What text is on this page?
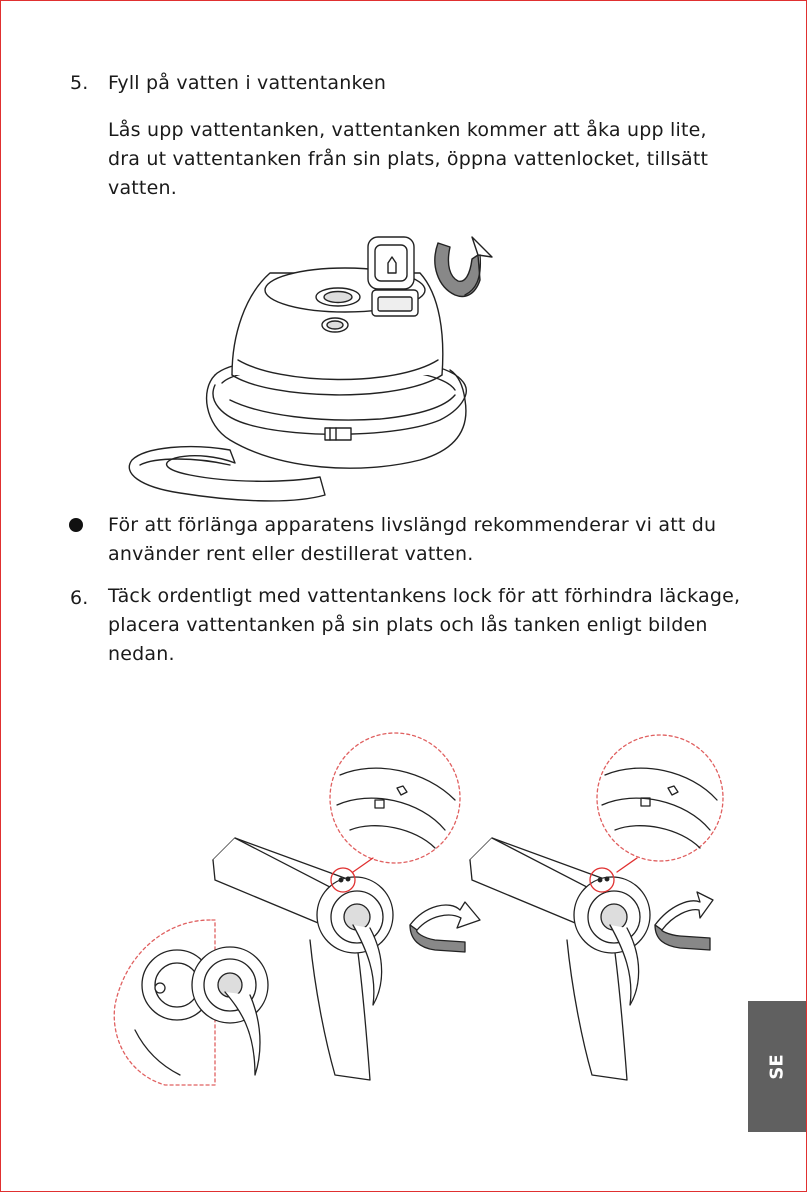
5. Fyll på vatten i vattentanken
Lås upp vattentanken, vattentanken kommer att åka upp lite,
dra ut vattentanken från sin plats, öppna vattenlocket, tillsätt
vatten.
För att förlänga apparatens livslängd rekommenderar vi att du
använder rent eller destillerat vatten.
6. Täck ordentligt med vattentankens lock för att förhindra läckage,
placera vattentanken på sin plats och lås tanken enligt bilden
nedan.
SE
